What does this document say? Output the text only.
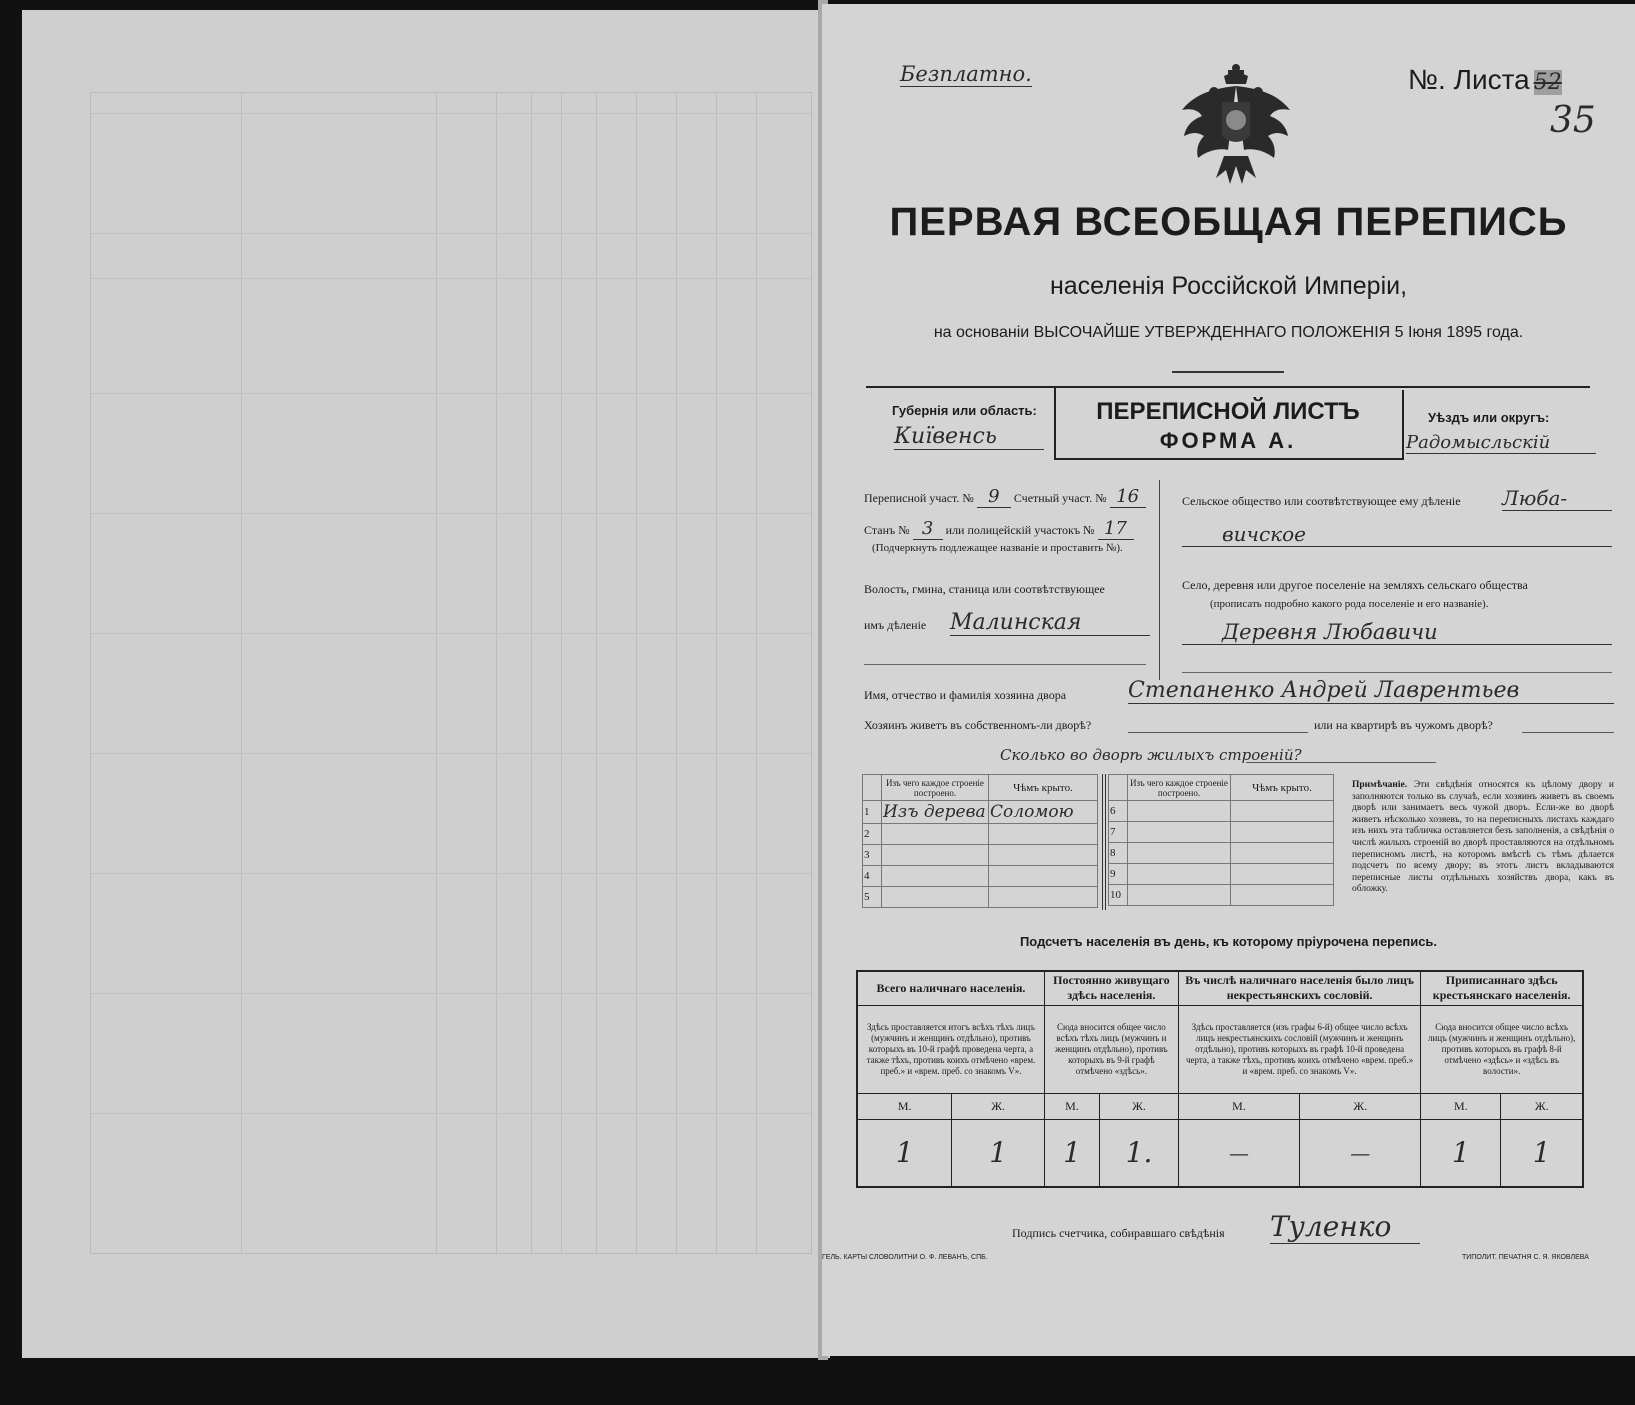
Безплатно.	№. Листа 52
35
ПЕРВАЯ ВСЕОБЩАЯ ПЕРЕПИСЬ
населенія Россійской Имперіи,
на основаніи ВЫСОЧАЙШЕ УТВЕРЖДЕННАГО ПОЛОЖЕНІЯ 5 Іюня 1895 года.
Губернія или область:
Київенсь
ПЕРЕПИСНОЙ ЛИСТЪ
ФОРМА А.
Уѣздъ или округъ:
Радомысльскій
Переписной участ. № 9 Счетный участ. № 16
Станъ № 3 или полицейскій участокъ № 17
(Подчеркнуть подлежащее названіе и проставить №).
Волость, гмина, станица или соотвѣтствующее
имъ дѣленіе Малинская
Сельское общество или соотвѣтствующее ему дѣленіе Люба-
вичское
Село, деревня или другое поселеніе на земляхъ сельскаго общества
(прописать подробно какого рода поселеніе и его названіе).
Деревня Любавичи
Имя, отчество и фамилія хозяина двора	Степаненко Андрей Лаврентьев
Хозяинъ живетъ въ собственномъ-ли дворѣ?	или на квартирѣ въ чужомъ дворѣ?
Сколько во дворѣ жилыхъ строеній?
	Изъ чего каждое строеніе построено.	Чѣмъ крыто.
1	Изъ дерева	Соломою
2		
3		
4		
5		
	Изъ чего каждое строеніе построено.	Чѣмъ крыто.
6		
7		
8		
9		
10		
Примѣчаніе. Эти свѣдѣнія относятся къ цѣлому двору и заполняются только въ случаѣ, если хозяинъ живетъ въ своемъ дворѣ или занимаетъ весь чужой дворъ. Если-же во дворѣ живетъ нѣсколько хозяевъ, то на переписныхъ листахъ каждаго изъ нихъ эта табличка оставляется безъ заполненія, а свѣдѣнія о числѣ жилыхъ строеній во дворѣ проставляются на отдѣльномъ переписномъ листѣ, на которомъ вмѣстѣ съ тѣмъ дѣлается подсчетъ по всему двору; въ этотъ листъ вкладываются переписные листы отдѣльныхъ хозяйствъ двора, какъ въ обложку.
Подсчетъ населенія въ день, къ которому пріурочена перепись.
Всего наличнаго населенія.		Постоянно живущаго здѣсь населенія.		Въ числѣ наличнаго населенія было лицъ некрестьянскихъ сословій.		Приписаннаго здѣсь крестьянскаго населенія.	
Здѣсь проставляется итогъ всѣхъ тѣхъ лицъ (мужчинъ и женщинъ отдѣльно), противъ которыхъ въ 10-й графѣ проведена черта, а также тѣхъ, противъ коихъ отмѣчено «врем. преб.» и «врем. преб. со знакомъ V».		Сюда вносится общее число всѣхъ тѣхъ лицъ (мужчинъ и женщинъ отдѣльно), противъ которыхъ въ 9-й графѣ отмѣчено «здѣсь».		Здѣсь проставляется (изъ графы 6-й) общее число всѣхъ лицъ некрестьянскихъ сословій (мужчинъ и женщинъ отдѣльно), противъ которыхъ въ графѣ 10-й проведена черта, а также тѣхъ, противъ коихъ отмѣчено «врем. преб.» и «врем. преб. со знакомъ V».		Сюда вносится общее число всѣхъ лицъ (мужчинъ и женщинъ отдѣльно), противъ которыхъ въ графѣ 8-й отмѣчено «здѣсь» и «здѣсь въ волости».	
М.	Ж.	М.	Ж.	М.	Ж.	М.	Ж.
1	1	1	1.	—	—	1	1
Подпись счетчика, собиравшаго свѣдѣнія Туленко
ГЕЛЬ. КАРТЫ СЛОВОЛИТНИ О. Ф. ЛЕВАНЪ, СПБ.	ТИПОЛИТ. ПЕЧАТНЯ С. Я. ЯКОВЛЕВА
